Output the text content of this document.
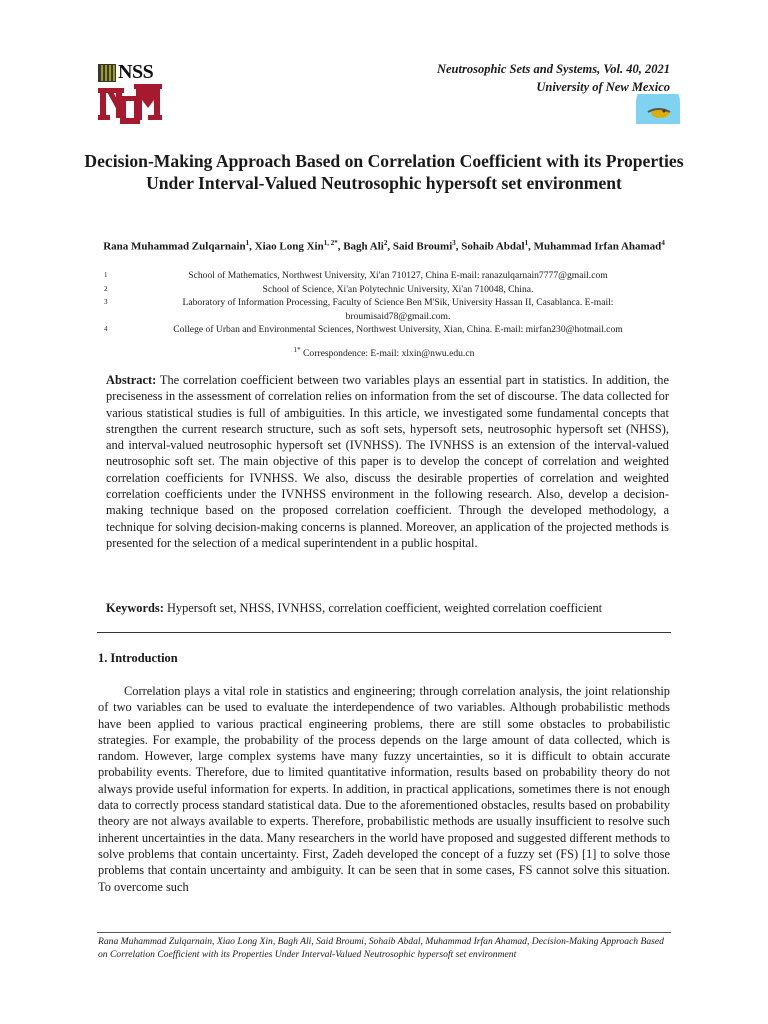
NSS	Neutrosophic Sets and Systems, Vol. 40, 2021
University of New Mexico
Decision-Making Approach Based on Correlation Coefficient with its Properties Under Interval-Valued Neutrosophic hypersoft set environment
Rana Muhammad Zulqarnain$^1$, Xiao Long Xin$^{1, 2*}$, Bagh Ali$^2$, Said Broumi$^3$, Sohaib Abdal$^1$, Muhammad Irfan Ahamad$^4$
1	School of Mathematics, Northwest University, Xi'an 710127, China E-mail: ranazulqarnain7777@gmail.com
2	School of Science, Xi'an Polytechnic University, Xi'an 710048, China.
3	Laboratory of Information Processing, Faculty of Science Ben M'Sik, University Hassan II, Casablanca. E-mail: broumisaid78@gmail.com.
4	College of Urban and Environmental Sciences, Northwest University, Xian, China. E-mail: mirfan230@hotmail.com
$^{1*}$ Correspondence: E-mail: xlxin@nwu.edu.cn
Abstract: The correlation coefficient between two variables plays an essential part in statistics. In addition, the preciseness in the assessment of correlation relies on information from the set of discourse. The data collected for various statistical studies is full of ambiguities. In this article, we investigated some fundamental concepts that strengthen the current research structure, such as soft sets, hypersoft sets, neutrosophic hypersoft set (NHSS), and interval-valued neutrosophic hypersoft set (IVNHSS). The IVNHSS is an extension of the interval-valued neutrosophic soft set. The main objective of this paper is to develop the concept of correlation and weighted correlation coefficients for IVNHSS. We also, discuss the desirable properties of correlation and weighted correlation coefficients under the IVNHSS environment in the following research. Also, develop a decision-making technique based on the proposed correlation coefficient. Through the developed methodology, a technique for solving decision-making concerns is planned. Moreover, an application of the projected methods is presented for the selection of a medical superintendent in a public hospital.
Keywords: Hypersoft set, NHSS, IVNHSS, correlation coefficient, weighted correlation coefficient
1. Introduction
Correlation plays a vital role in statistics and engineering; through correlation analysis, the joint relationship of two variables can be used to evaluate the interdependence of two variables. Although probabilistic methods have been applied to various practical engineering problems, there are still some obstacles to probabilistic strategies. For example, the probability of the process depends on the large amount of data collected, which is random. However, large complex systems have many fuzzy uncertainties, so it is difficult to obtain accurate probability events. Therefore, due to limited quantitative information, results based on probability theory do not always provide useful information for experts. In addition, in practical applications, sometimes there is not enough data to correctly process standard statistical data. Due to the aforementioned obstacles, results based on probability theory are not always available to experts. Therefore, probabilistic methods are usually insufficient to resolve such inherent uncertainties in the data. Many researchers in the world have proposed and suggested different methods to solve problems that contain uncertainty. First, Zadeh developed the concept of a fuzzy set (FS) [1] to solve those problems that contain uncertainty and ambiguity. It can be seen that in some cases, FS cannot solve this situation. To overcome such
Rana Muhammad Zulqarnain, Xiao Long Xin, Bagh Ali, Said Broumi, Sohaib Abdal, Muhammad Irfan Ahamad, Decision-Making Approach Based on Correlation Coefficient with its Properties Under Interval-Valued Neutrosophic hypersoft set environment
